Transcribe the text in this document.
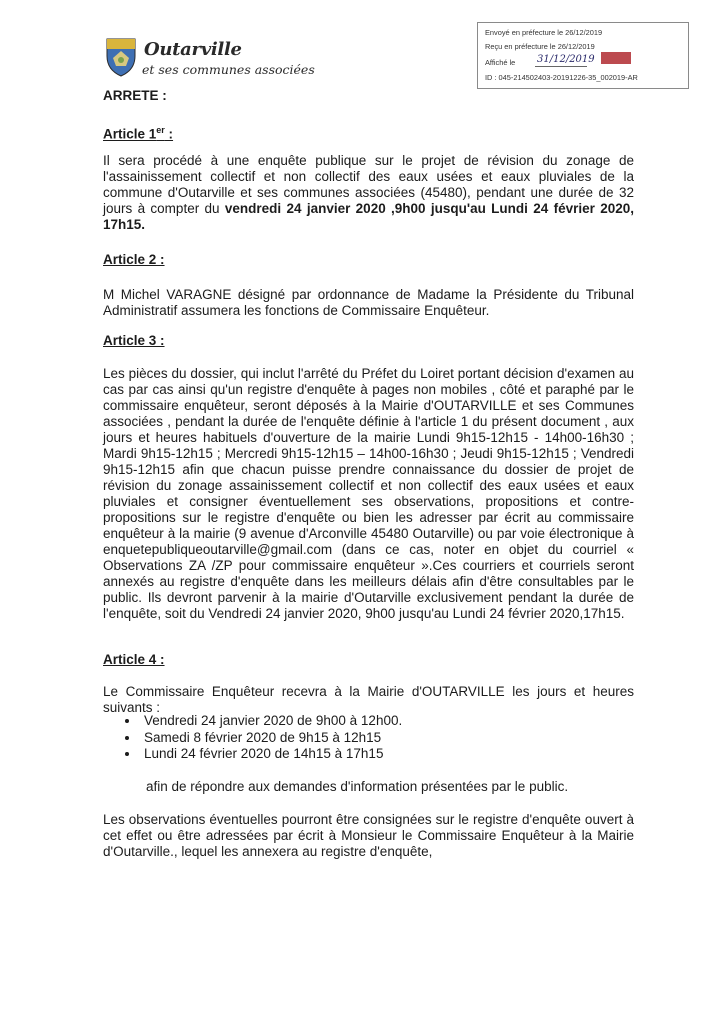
Outarville
et ses communes associées
Envoyé en préfecture le 26/12/2019
Reçu en préfecture le 26/12/2019
Affiché le 31/12/2019
ID : 045-214502403-20191226-35_002019-AR
ARRETE :
Article 1er :
Il sera procédé à une enquête publique sur le projet de révision du zonage de l'assainissement collectif et non collectif des eaux usées et eaux pluviales de la commune d'Outarville et ses communes associées (45480), pendant une durée de 32 jours à compter du vendredi 24 janvier 2020 ,9h00 jusqu'au Lundi 24 février 2020, 17h15.
Article 2 :
M Michel VARAGNE désigné par ordonnance de Madame la Présidente du Tribunal Administratif assumera les fonctions de Commissaire Enquêteur.
Article 3 :
Les pièces du dossier, qui inclut l'arrêté du Préfet du Loiret portant décision d'examen au cas par cas ainsi qu'un registre d'enquête à pages non mobiles , côté et paraphé par le commissaire enquêteur, seront déposés à la Mairie d'OUTARVILLE et ses Communes associées , pendant la durée de l'enquête définie à l'article 1 du présent document , aux jours et heures habituels d'ouverture de la mairie Lundi 9h15-12h15 - 14h00-16h30 ; Mardi 9h15-12h15 ; Mercredi 9h15-12h15 – 14h00-16h30 ; Jeudi 9h15-12h15 ; Vendredi 9h15-12h15 afin que chacun puisse prendre connaissance du dossier de projet de révision du zonage assainissement collectif et non collectif des eaux usées et eaux pluviales et consigner éventuellement ses observations, propositions et contre-propositions sur le registre d'enquête ou bien les adresser par écrit au commissaire enquêteur à la mairie (9 avenue d'Arconville 45480 Outarville) ou par voie électronique à enquetepubliqueoutarville@gmail.com (dans ce cas, noter en objet du courriel « Observations ZA /ZP pour commissaire enquêteur ».Ces courriers et courriels seront annexés au registre d'enquête dans les meilleurs délais afin d'être consultables par le public. Ils devront parvenir à la mairie d'Outarville exclusivement pendant la durée de l'enquête, soit du Vendredi 24 janvier 2020, 9h00 jusqu'au Lundi 24 février 2020,17h15.
Article 4 :
Le Commissaire Enquêteur recevra à la Mairie d'OUTARVILLE les jours et heures suivants :
• Vendredi 24 janvier 2020 de 9h00 à 12h00.
• Samedi 8 février 2020 de 9h15 à 12h15
• Lundi 24 février 2020 de 14h15 à 17h15
afin de répondre aux demandes d'information présentées par le public.
Les observations éventuelles pourront être consignées sur le registre d'enquête ouvert à cet effet ou être adressées par écrit à Monsieur le Commissaire Enquêteur à la Mairie d'Outarville., lequel les annexera au registre d'enquête,
